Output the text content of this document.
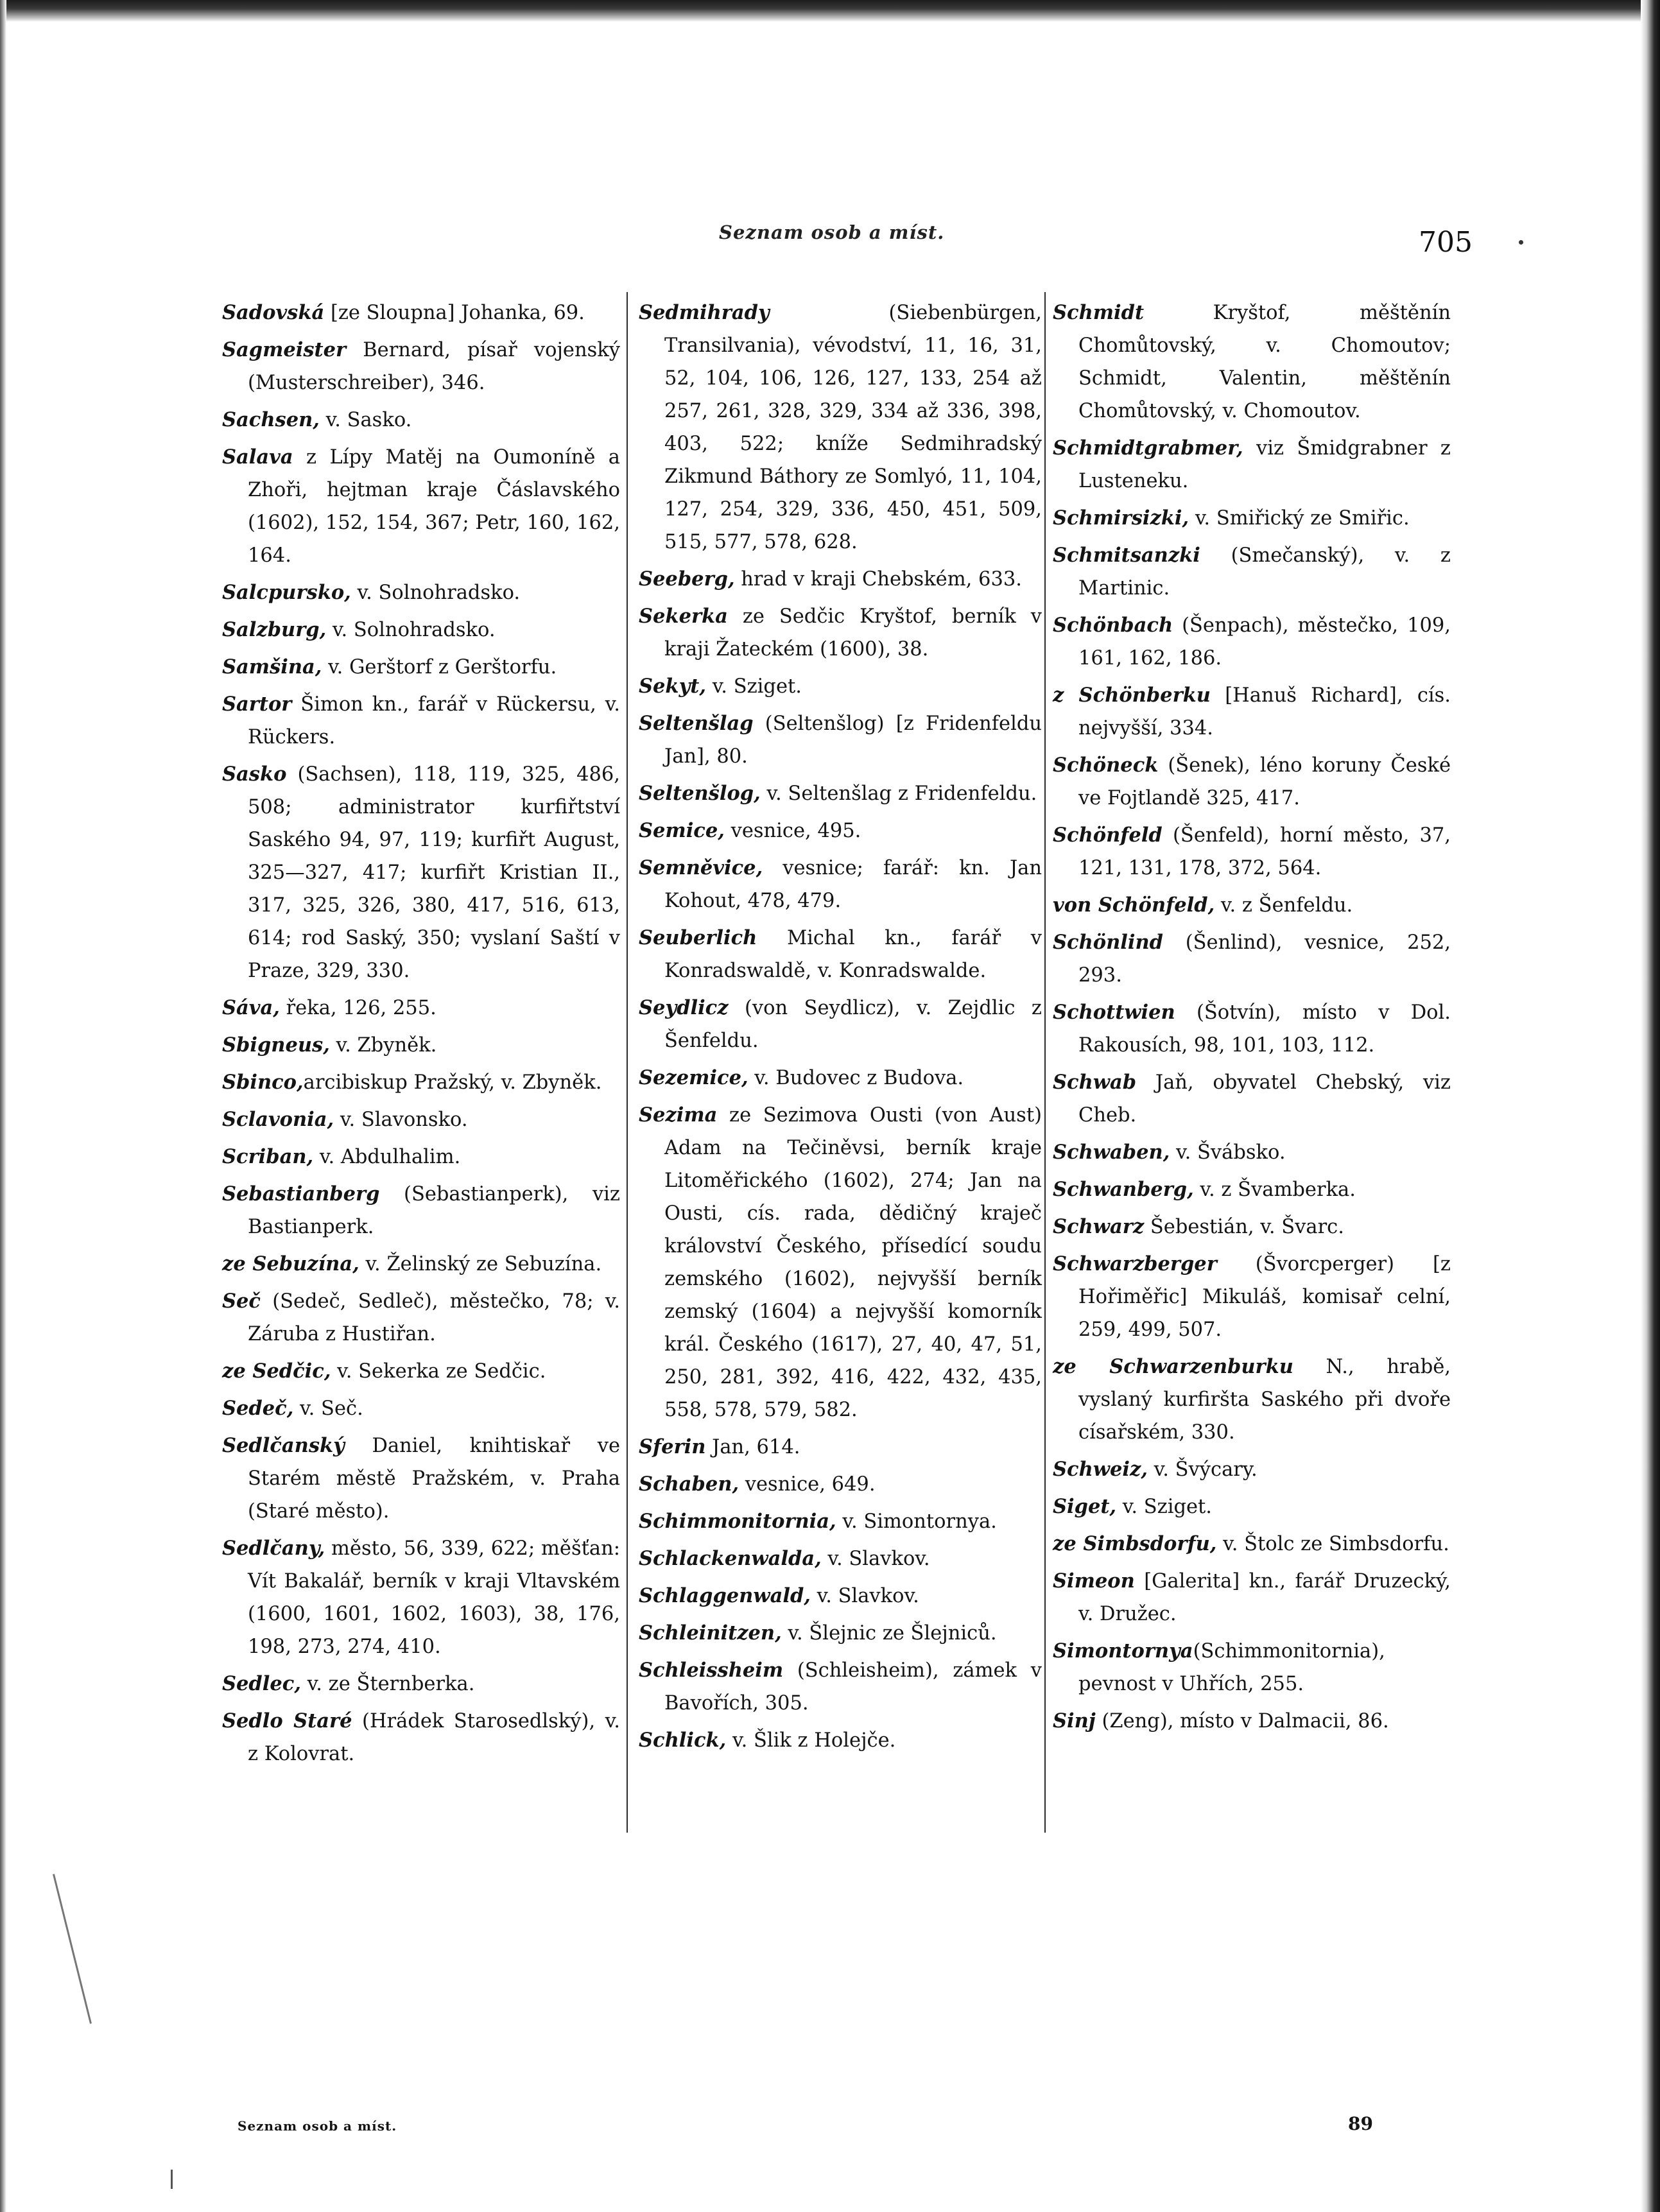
Seznam osob a míst.	705

Sadovská [ze Sloupna] Johanka, 69.

Sagmeister Bernard, písař vojenský (Musterschreiber), 346.

Sachsen, v. Sasko.

Salava z Lípy Matěj na Oumoníně a Zhoři, hejtman kraje Čáslavského (1602), 152, 154, 367; Petr, 160, 162, 164.

Salcpursko, v. Solnohradsko.

Salzburg, v. Solnohradsko.

Samšina, v. Gerštorf z Gerštorfu.

Sartor Šimon kn., farář v Rückersu, v. Rückers.

Sasko (Sachsen), 118, 119, 325, 486, 508; administrator kurfiřtství Saského 94, 97, 119; kurfiřt August, 325—327, 417; kurfiřt Kristian II., 317, 325, 326, 380, 417, 516, 613, 614; rod Saský, 350; vyslaní Saští v Praze, 329, 330.

Sáva, řeka, 126, 255.

Sbigneus, v. Zbyněk.

Sbinco,arcibiskup Pražský, v. Zbyněk.

Sclavonia, v. Slavonsko.

Scriban, v. Abdulhalim.

Sebastianberg (Sebastianperk), viz Bastianperk.

ze Sebuzína, v. Želinský ze Sebuzína.

Seč (Sedeč, Sedleč), městečko, 78; v. Záruba z Hustiřan.

ze Sedčic, v. Sekerka ze Sedčic.

Sedeč, v. Seč.

Sedlčanský Daniel, knihtiskař ve Starém městě Pražském, v. Praha (Staré město).

Sedlčany, město, 56, 339, 622; měšťan: Vít Bakalář, berník v kraji Vltavském (1600, 1601, 1602, 1603), 38, 176, 198, 273, 274, 410.

Sedlec, v. ze Šternberka.

Sedlo Staré (Hrádek Starosedlský), v. z Kolovrat.

Sedmihrady (Siebenbürgen, Transilvania), vévodství, 11, 16, 31, 52, 104, 106, 126, 127, 133, 254 až 257, 261, 328, 329, 334 až 336, 398, 403, 522; kníže Sedmihradský Zikmund Báthory ze Somlyó, 11, 104, 127, 254, 329, 336, 450, 451, 509, 515, 577, 578, 628.

Seeberg, hrad v kraji Chebském, 633.

Sekerka ze Sedčic Kryštof, berník v kraji Žateckém (1600), 38.

Sekyt, v. Sziget.

Seltenšlag (Seltenšlog) [z Fridenfeldu Jan], 80.

Seltenšlog, v. Seltenšlag z Fridenfeldu.

Semice, vesnice, 495.

Semněvice, vesnice; farář: kn. Jan Kohout, 478, 479.

Seuberlich Michal kn., farář v Konradswaldě, v. Konradswalde.

Seydlicz (von Seydlicz), v. Zejdlic z Šenfeldu.

Sezemice, v. Budovec z Budova.

Sezima ze Sezimova Ousti (von Aust) Adam na Tečiněvsi, berník kraje Litoměřického (1602), 274; Jan na Ousti, cís. rada, dědičný kraječ království Českého, přísedící soudu zemského (1602), nejvyšší berník zemský (1604) a nejvyšší komorník král. Českého (1617), 27, 40, 47, 51, 250, 281, 392, 416, 422, 432, 435, 558, 578, 579, 582.

Sferin Jan, 614.

Schaben, vesnice, 649.

Schimmonitornia, v. Simontornya.

Schlackenwalda, v. Slavkov.

Schlaggenwald, v. Slavkov.

Schleinitzen, v. Šlejnic ze Šlejniců.

Schleissheim (Schleisheim), zámek v Bavořích, 305.

Schlick, v. Šlik z Holejče.

Schmidt Kryštof, měštěnín Chomůtovský, v. Chomoutov; Schmidt, Valentin, měštěnín Chomůtovský, v. Chomoutov.

Schmidtgrabmer, viz Šmidgrabner z Lusteneku.

Schmirsizki, v. Smiřický ze Smiřic.

Schmitsanzki (Smečanský), v. z Martinic.

Schönbach (Šenpach), městečko, 109, 161, 162, 186.

z Schönberku [Hanuš Richard], cís. nejvyšší, 334.

Schöneck (Šenek), léno koruny České ve Fojtlandě 325, 417.

Schönfeld (Šenfeld), horní město, 37, 121, 131, 178, 372, 564.

von Schönfeld, v. z Šenfeldu.

Schönlind (Šenlind), vesnice, 252, 293.

Schottwien (Šotvín), místo v Dol. Rakousích, 98, 101, 103, 112.

Schwab Jaň, obyvatel Chebský, viz Cheb.

Schwaben, v. Švábsko.

Schwanberg, v. z Švamberka.

Schwarz Šebestián, v. Švarc.

Schwarzberger (Švorcperger) [z Hořiměřic] Mikuláš, komisař celní, 259, 499, 507.

ze Schwarzenburku N., hrabě, vyslaný kurfiršta Saského při dvoře císařském, 330.

Schweiz, v. Švýcary.

Siget, v. Sziget.

ze Simbsdorfu, v. Štolc ze Simbsdorfu.

Simeon [Galerita] kn., farář Druzecký, v. Družec.

Simontornya(Schimmonitornia), pevnost v Uhřích, 255.

Sinj (Zeng), místo v Dalmacii, 86.

Seznam osob a míst.	89
